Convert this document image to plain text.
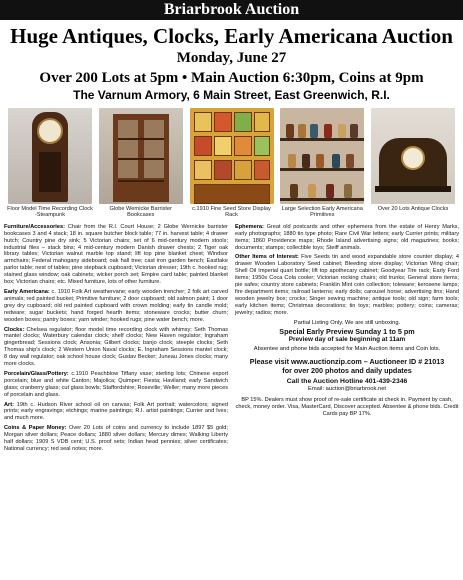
Briarbrook Auction

Huge Antiques, Clocks, Early Americana Auction

Monday, June 27

Over 200 Lots at 5pm • Main Auction 6:30pm, Coins at 9pm

The Varnum Armory, 6 Main Street, East Greenwich, R.I.

Floor Model Time Recording Clock -Steampunk
Globe Wernicke Barrister Bookcases
c.1910 Fine Seed Store Display Rack
Large Selection Early Americana Primitives
Over 20 Lots Antique Clocks

Furniture/Accessories: Chair from the R.I. Court House; 2 Globe Wernicke barrister bookcases 3 and 4 stack; 18 in. square butcher block table; 77 in. harvest table; 4 drawer hutch; Country pine dry sink; 5 Victorian chairs; set of 6 mid-century modern stools; industrial files – stack bins; 4 mid-century modern Danish drawer chests; 2 Tiger oak library tables; Victorian walnut marble top stand; lift top pine blanket chest; Windsor armchairs; Federal mahogany sideboard; oak hall tree; cast iron garden bench; Eastlake parlor table; nest of tables; pine stepback cupboard; Victorian dresser; 19th c. hooked rug; stained glass window; oak cabinets; wicker porch set; Empire card table; painted blanket box; Victorian chairs; etc. Mixed furniture, lots of other furniture.

Early Americana: c. 1910 Folk Art weathervane; early wooden trencher; 2 folk art carved animals; red painted bucket; Primitive furniture; 2 door cupboard; old salmon paint; 1 door grey dry cupboard; old red painted cupboard with crown molding; early tin candle mold; redware; sugar buckets; hand forged hearth items; stoneware crocks; butter churn; wooden boxes; pantry boxes; yarn winder; hooked rugs; pine water bench; more.

Clocks: Chelsea regulator; floor model time recording clock with whimsy; Seth Thomas mantel clocks; Waterbury calendar clock; shelf clocks; New Haven regulator; Ingraham gingerbread; Sessions clock; Ansonia; Gilbert clocks; banjo clock; steeple clocks; Seth Thomas ship's clock; 2 Western Union Naval clocks; E. Ingraham Sessions mantel clock; 8 day wall regulator; oak school house clock; Gustav Becker; Juneau Jones clocks; many more clocks.

Porcelain/Glass/Pottery: c.1910 Peachblow Tiffany vase; sterling lots; Chinese export porcelain; blue and white Canton; Majolica; Quimper; Fiesta; Haviland; early Sandwich glass; cranberry glass; cut glass bowls; Staffordshire; Roseville; Weller; many more pieces of porcelain and glass.

Art: 19th c. Hudson River school oil on canvas; Folk Art portrait; watercolors; signed prints; early engravings; etchings; marine paintings; R.I. artist paintings; Currier and Ives; and much more.

Coins & Paper Money: Over 20 Lots of coins and currency to include 1897 $5 gold; Morgan silver dollars; Peace dollars; 1880 silver dollars; Mercury dimes; Walking Liberty half dollars; 1909 S VDB cent; U.S. proof sets; Indian head pennies; silver certificates; National currency; red seal notes; more.

Ephemera: Great old postcards and other ephemera from the estate of Henry Marks, early photographs; 1880 tin type photo; Rare Civil War letters; early Currier prints; military items; 1860 Providence maps; Rhode Island advertising signs; old magazines; books; documents; stamps; collectible toys; Steiff animals.

Other Items of Interest: Five Seeds tin and wood expandable store counter display; 4 drawer Wooden Laboratory Seed cabinet; Bleeding store display; Victorian Wing chair; Shell Oil Imperial quart bottle; lift top apothecary cabinet; Goodyear Tire rack; Early Ford items; 1950s Coca Cola cooler; Victorian rocking chairs; old trunks; General store items; pie safes; country store cabinets; Franklin Mint coin collection; toleware; kerosene lamps; fire department items; railroad lanterns; early dolls; carousel horse; advertising tins; Hand wooden jewelry box; crocks; Singer sewing machine; antique tools; old sign; farm tools; early kitchen items; Christmas decorations; tin toys; marbles; pottery; coins; cameras; jewelry; radios; more.

Partial Listing Only. We are still unboxing.

Special Early Preview Sunday 1 to 5 pm

Preview day of sale beginning at 11am

Absentee and phone bids accepted for Main Auction items and Coin lots.

Please visit www.auctionzip.com – Auctioneer ID # 21013

for over 200 photos and daily updates

Call the Auction Hotline 401-439-2346

Email: auction@briarbrook.net

BP 15%. Dealers must show proof of re-sale certificate at check in. Payment by cash, check, money order. Visa, MasterCard, Discover accepted. Absentee & phone bids. Credit Cards pay BP 17%.
